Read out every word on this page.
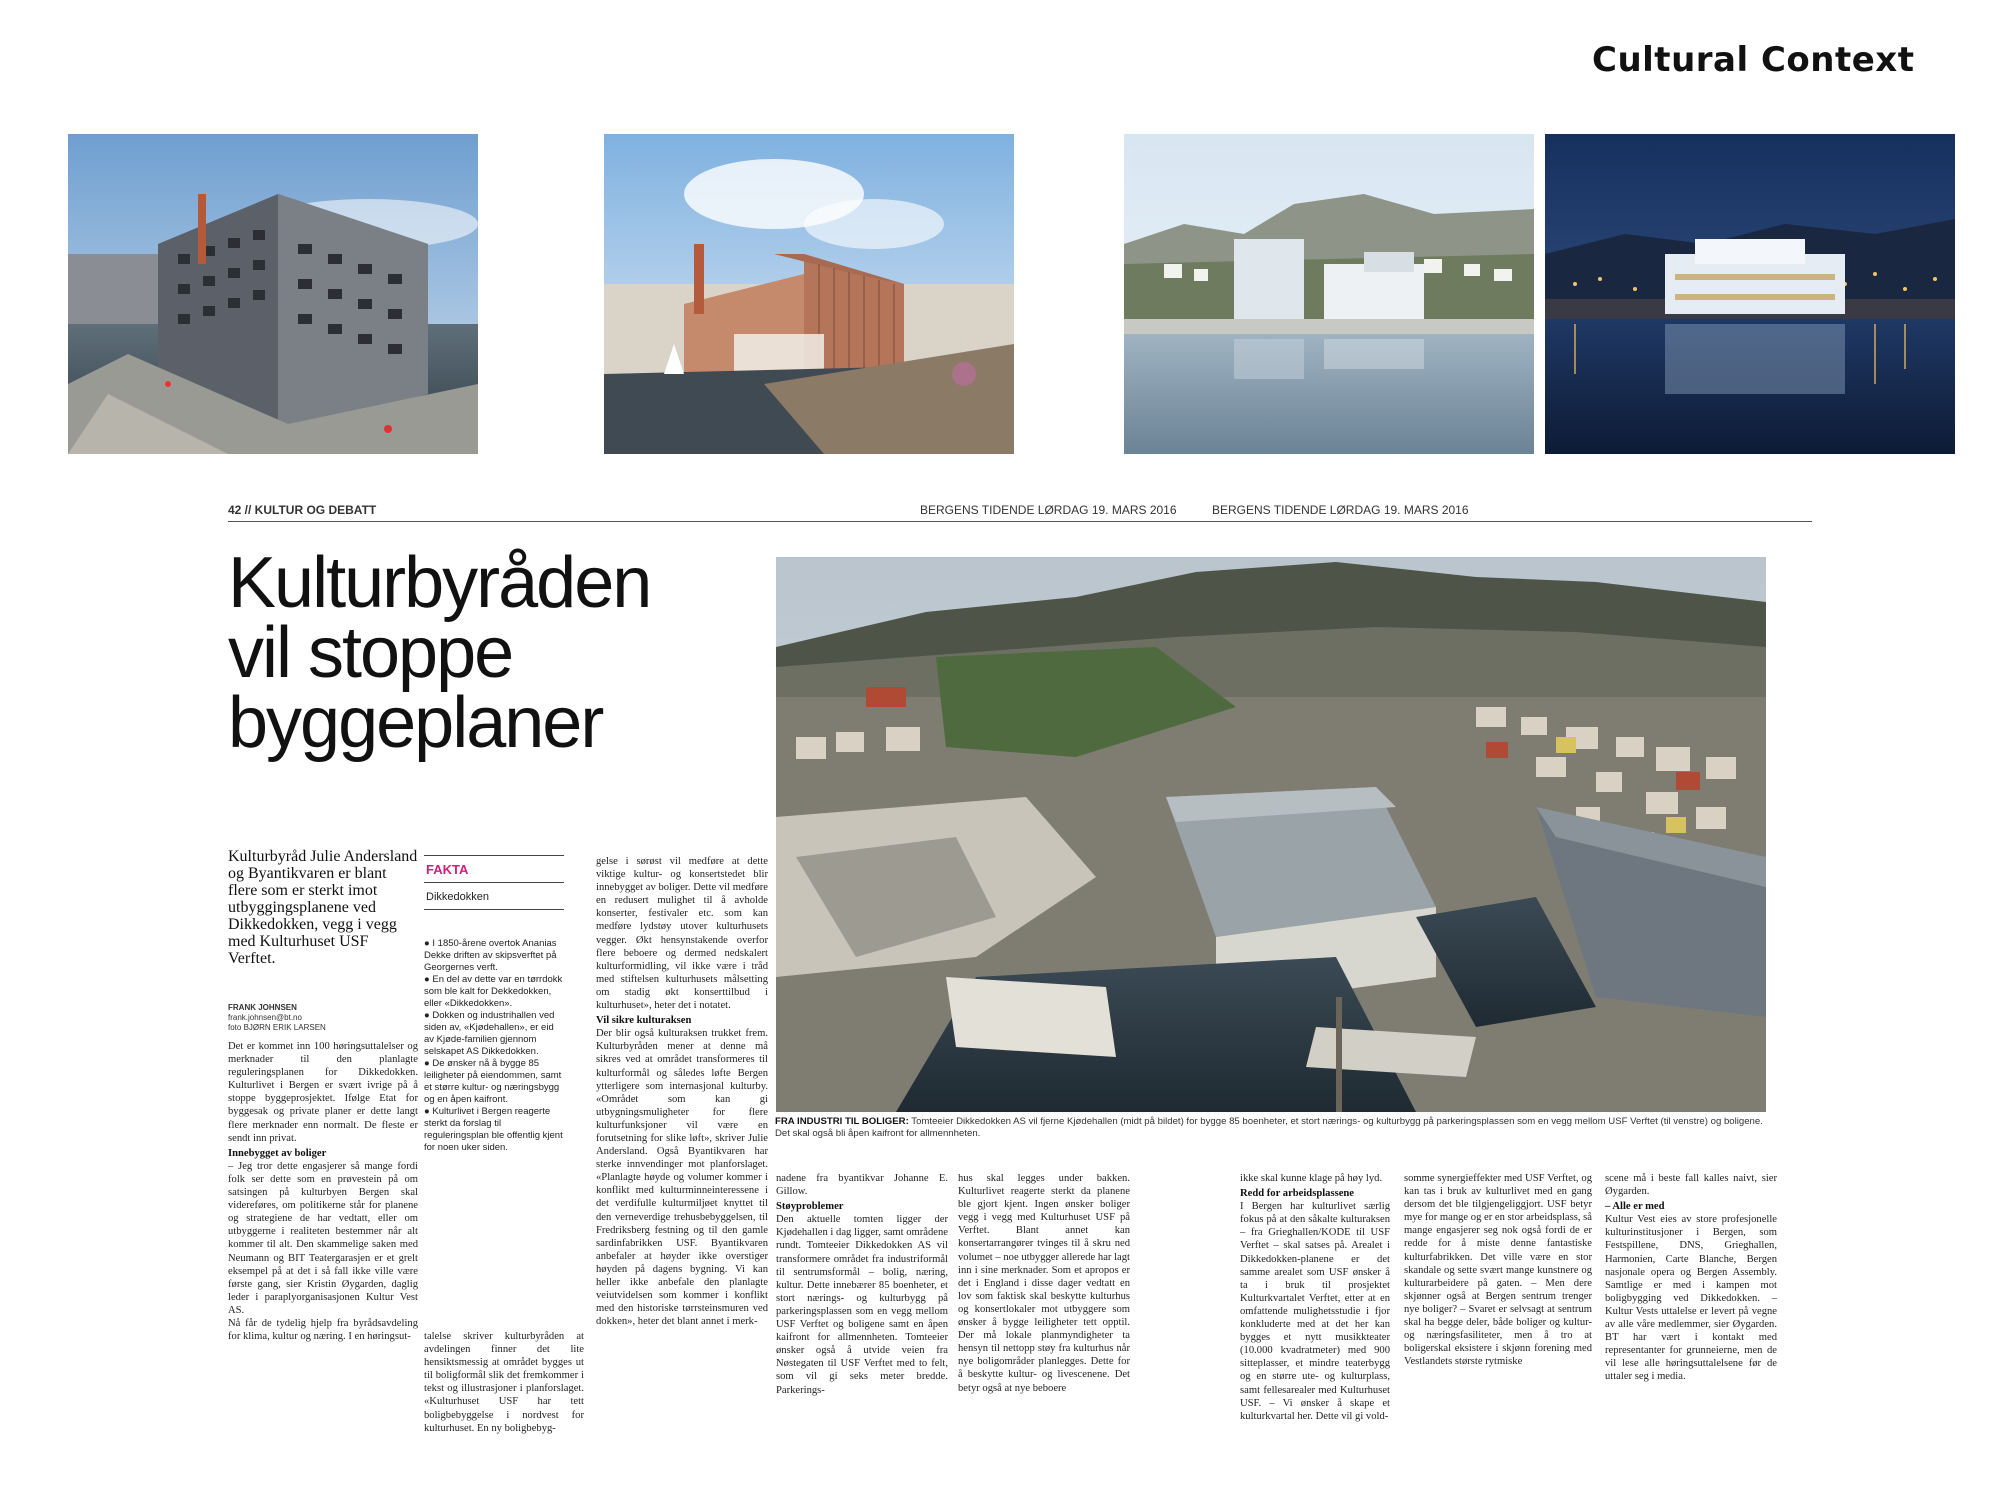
Cultural Context
42 // KULTUR OG DEBATT	BERGENS TIDENDE LØRDAG 19. MARS 2016	BERGENS TIDENDE LØRDAG 19. MARS 2016
Kulturbyråden
vil stoppe
byggeplaner
FRA INDUSTRI TIL BOLIGER: Tomteeier Dikkedokken AS vil fjerne Kjødehallen (midt på bildet) for bygge 85 boenheter, et stort nærings- og kulturbygg på parkeringsplassen som en vegg mellom USF Verftet (til venstre) og boligene. Det skal også bli åpen kaifront for allmennheten.
Kulturbyråd Julie Andersland og Byantikvaren er blant flere som er sterkt imot utbyggingsplanene ved Dikkedokken, vegg i vegg med Kulturhuset USF Verftet.
FRANK JOHNSEN
frank.johnsen@bt.no
foto BJØRN ERIK LARSEN
Det er kommet inn 100 høringsuttalelser og merknader til den planlagte reguleringsplanen for Dikkedokken. Kulturlivet i Bergen er svært ivrige på å stoppe byggeprosjektet. Ifølge Etat for byggesak og private planer er dette langt flere merknader enn normalt. De fleste er sendt inn privat.
Innebygget av boliger
– Jeg tror dette engasjerer så mange fordi folk ser dette som en prøvestein på om satsingen på kulturbyen Bergen skal videreføres, om politikerne står for planene og strategiene de har vedtatt, eller om utbyggerne i realiteten bestemmer når alt kommer til alt. Den skammelige saken med Neumann og BIT Teatergarasjen er et grelt eksempel på at det i så fall ikke ville være første gang, sier Kristin Øygarden, daglig leder i paraplyorganisasjonen Kultur Vest AS.
Nå får de tydelig hjelp fra byrådsavdeling for klima, kultur og næring. I en høringsut-
FAKTA
Dikkedokken
● I 1850-årene overtok Ananias Dekke driften av skipsverftet på Georgernes verft.
● En del av dette var en tørrdokk som ble kalt for Dekkedokken, eller «Dikkedokken».
● Dokken og industrihallen ved siden av, «Kjødehallen», er eid av Kjøde-familien gjennom selskapet AS Dikkedokken.
● De ønsker nå å bygge 85 leiligheter på eiendommen, samt et større kultur- og næringsbygg og en åpen kaifront.
● Kulturlivet i Bergen reagerte sterkt da forslag til reguleringsplan ble offentlig kjent for noen uker siden.
talelse skriver kulturbyråden at avdelingen finner det lite hensiktsmessig at området bygges ut til boligformål slik det fremkommer i tekst og illustrasjoner i planforslaget. «Kulturhuset USF har tett boligbebyggelse i nordvest for kulturhuset. En ny boligbebyg-
gelse i sørøst vil medføre at dette viktige kultur- og konsertstedet blir innebygget av boliger. Dette vil medføre en redusert mulighet til å avholde konserter, festivaler etc. som kan medføre lydstøy utover kulturhusets vegger. Økt hensynstakende overfor flere beboere og dermed nedskalert kulturformidling, vil ikke være i tråd med stiftelsen kulturhusets målsetting om stadig økt konserttilbud i kulturhuset», heter det i notatet.
Vil sikre kulturaksen
Der blir også kulturaksen trukket frem. Kulturbyråden mener at denne må sikres ved at området transformeres til kulturformål og således løfte Bergen ytterligere som internasjonal kulturby. «Området som kan gi utbygningsmuligheter for flere kulturfunksjoner vil være en forutsetning for slike løft», skriver Julie Andersland. Også Byantikvaren har sterke innvendinger mot planforslaget. «Planlagte høyde og volumer kommer i konflikt med kulturminneinteressene i det verdifulle kulturmiljøet knyttet til den verneverdige trehusbebyggelsen, til Fredriksberg festning og til den gamle sardinfabrikken USF. Byantikvaren anbefaler at høyder ikke overstiger høyden på dagens bygning. Vi kan heller ikke anbefale den planlagte veiutvidelsen som kommer i konflikt med den historiske tørrsteinsmuren ved dokken», heter det blant annet i merk-
nadene fra byantikvar Johanne E. Gillow.
Støyproblemer
Den aktuelle tomten ligger der Kjødehallen i dag ligger, samt områdene rundt. Tomteeier Dikkedokken AS vil transformere området fra industriformål til sentrumsformål – bolig, næring, kultur. Dette innebærer 85 boenheter, et stort nærings- og kulturbygg på parkeringsplassen som en vegg mellom USF Verftet og boligene samt en åpen kaifront for allmennheten. Tomteeier ønsker også å utvide veien fra Nøstegaten til USF Verftet med to felt, som vil gi seks meter bredde. Parkerings-
hus skal legges under bakken. Kulturlivet reagerte sterkt da planene ble gjort kjent. Ingen ønsker boliger vegg i vegg med Kulturhuset USF på Verftet. Blant annet kan konsertarrangører tvinges til å skru ned volumet – noe utbygger allerede har lagt inn i sine merknader. Som et apropos er det i England i disse dager vedtatt en lov som faktisk skal beskytte kulturhus og konsertlokaler mot utbyggere som ønsker å bygge leiligheter tett opptil. Der må lokale planmyndigheter ta hensyn til nettopp støy fra kulturhus når nye boligområder planlegges. Dette for å beskytte kultur- og livescenene. Det betyr også at nye beboere
ikke skal kunne klage på høy lyd.
Redd for arbeidsplassene
I Bergen har kulturlivet særlig fokus på at den såkalte kulturaksen – fra Grieghallen/KODE til USF Verftet – skal satses på. Arealet i Dikkedokken-planene er det samme arealet som USF ønsker å ta i bruk til prosjektet Kulturkvartalet Verftet, etter at en omfattende mulighetsstudie i fjor konkluderte med at det her kan bygges et nytt musikkteater (10.000 kvadratmeter) med 900 sitteplasser, et mindre teaterbygg og en større ute- og kulturplass, samt fellesarealer med Kulturhuset USF. – Vi ønsker å skape et kulturkvartal her. Dette vil gi vold-
somme synergieffekter med USF Verftet, og kan tas i bruk av kulturlivet med en gang dersom det ble tilgjengeliggjort. USF betyr mye for mange og er en stor arbeidsplass, så mange engasjerer seg nok også fordi de er redde for å miste denne fantastiske kulturfabrikken. Det ville være en stor skandale og sette svært mange kunstnere og kulturarbeidere på gaten. – Men dere skjønner også at Bergen sentrum trenger nye boliger? – Svaret er selvsagt at sentrum skal ha begge deler, både boliger og kultur- og næringsfasiliteter, men å tro at boligerskal eksistere i skjønn forening med Vestlandets største rytmiske
scene må i beste fall kalles naivt, sier Øygarden.
– Alle er med
Kultur Vest eies av store profesjonelle kulturinstitusjoner i Bergen, som Festspillene, DNS, Grieghallen, Harmonien, Carte Blanche, Bergen nasjonale opera og Bergen Assembly. Samtlige er med i kampen mot boligbygging ved Dikkedokken. – Kultur Vests uttalelse er levert på vegne av alle våre medlemmer, sier Øygarden. BT har vært i kontakt med representanter for grunneierne, men de vil lese alle høringsuttalelsene før de uttaler seg i media.
